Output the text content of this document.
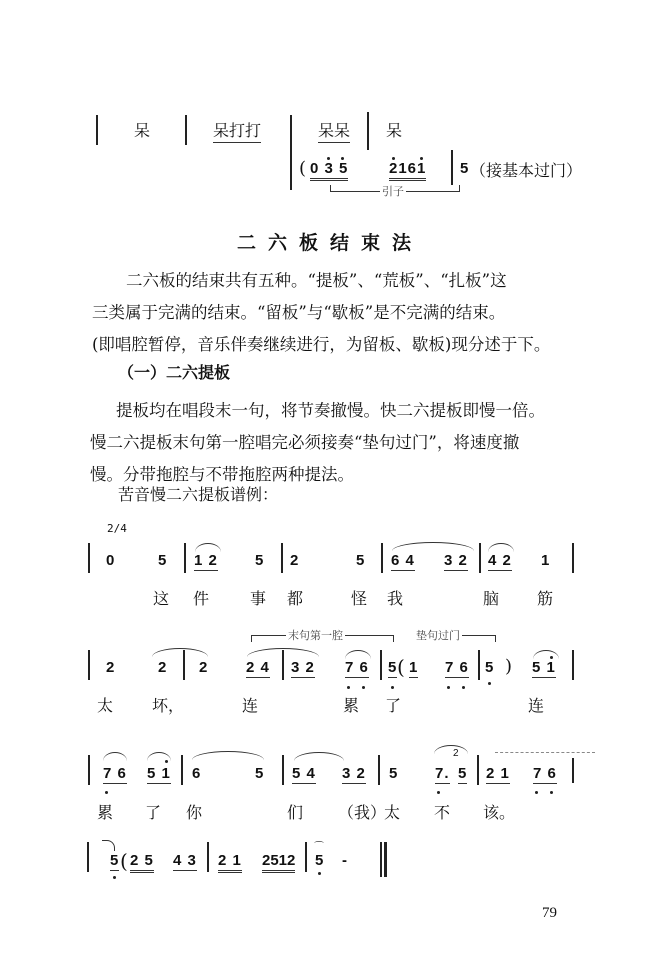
呆	呆打打	呆呆 呆
( 0 3 5	2161 5 （接基本过门）
引子
二六板结束法
二六板的结束共有五种。“提板”、“荒板”、“扎板”这
三类属于完满的结束。“留板”与“歇板”是不完满的结束。
(即唱腔暂停，音乐伴奏继续进行，为留板、歇板)现分述于下。
（一）二六提板
提板均在唱段末一句，将节奏撤慢。快二六提板即慢一倍。
慢二六提板末句第一腔唱完必须接奏“垫句过门”，将速度撤
慢。分带拖腔与不带拖腔两种提法。
苦音慢二六提板谱例：
2/4
0	5 1 2 5 2	5 6 4 3 2 4 2 1
这 件	事 都	怪 我	脑 筋
末句第一腔	垫句过门
2	2 2	2 4 3 2 7 6 5 ( 1 7 6 5 ) 5 1
太 坏，	连	累 了	连
7 6 5 1 6	5 5 4 3 2 5
2
7. 5 2 1 7 6
累 了 你	们 （我）
太 不 该。
5 ( 2 5 4 3 2 1 2512
⌒
5 -
79
